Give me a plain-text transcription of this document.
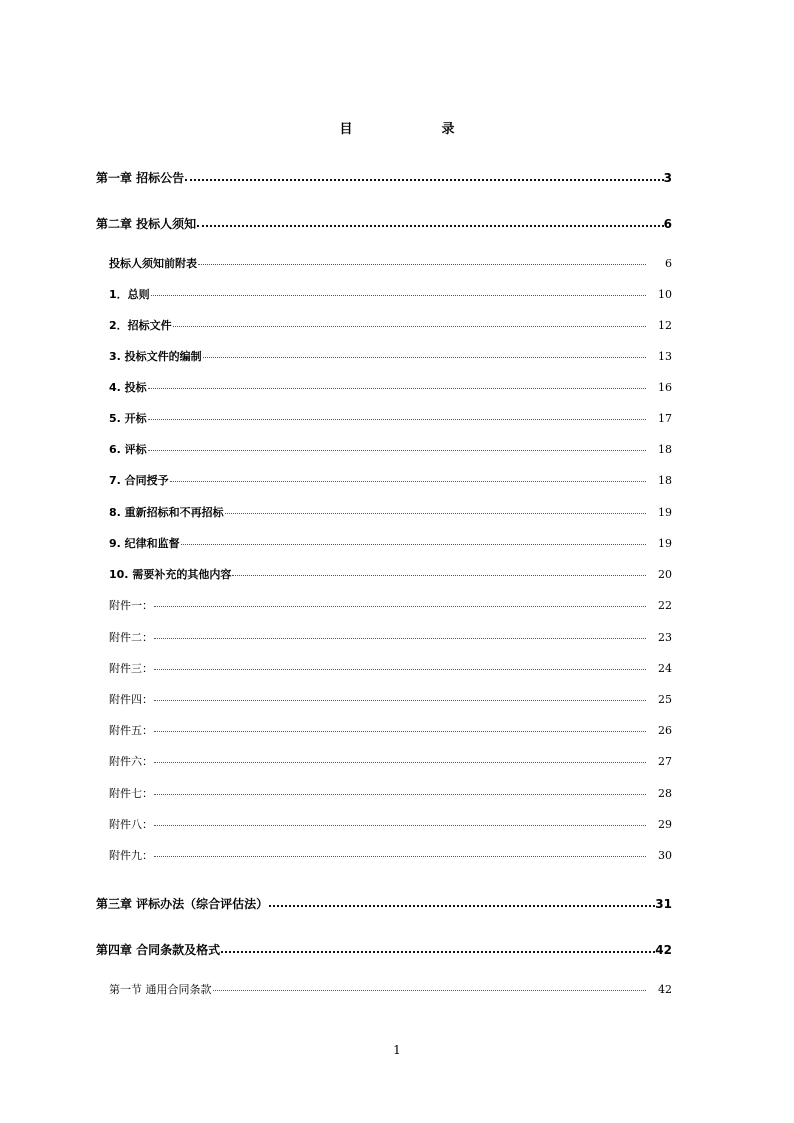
目　录
第一章 招标公告	3
第二章 投标人须知	6
投标人须知前附表	6
1．总则	10
2．招标文件	12
3. 投标文件的编制	13
4. 投标	16
5. 开标	17
6. 评标	18
7. 合同授予	18
8. 重新招标和不再招标	19
9. 纪律和监督	19
10. 需要补充的其他内容	20
附件一：	22
附件二：	23
附件三：	24
附件四：	25
附件五：	26
附件六：	27
附件七：	28
附件八：	29
附件九：	30
第三章 评标办法（综合评估法）	31
第四章 合同条款及格式	42
第一节 通用合同条款	42
1
